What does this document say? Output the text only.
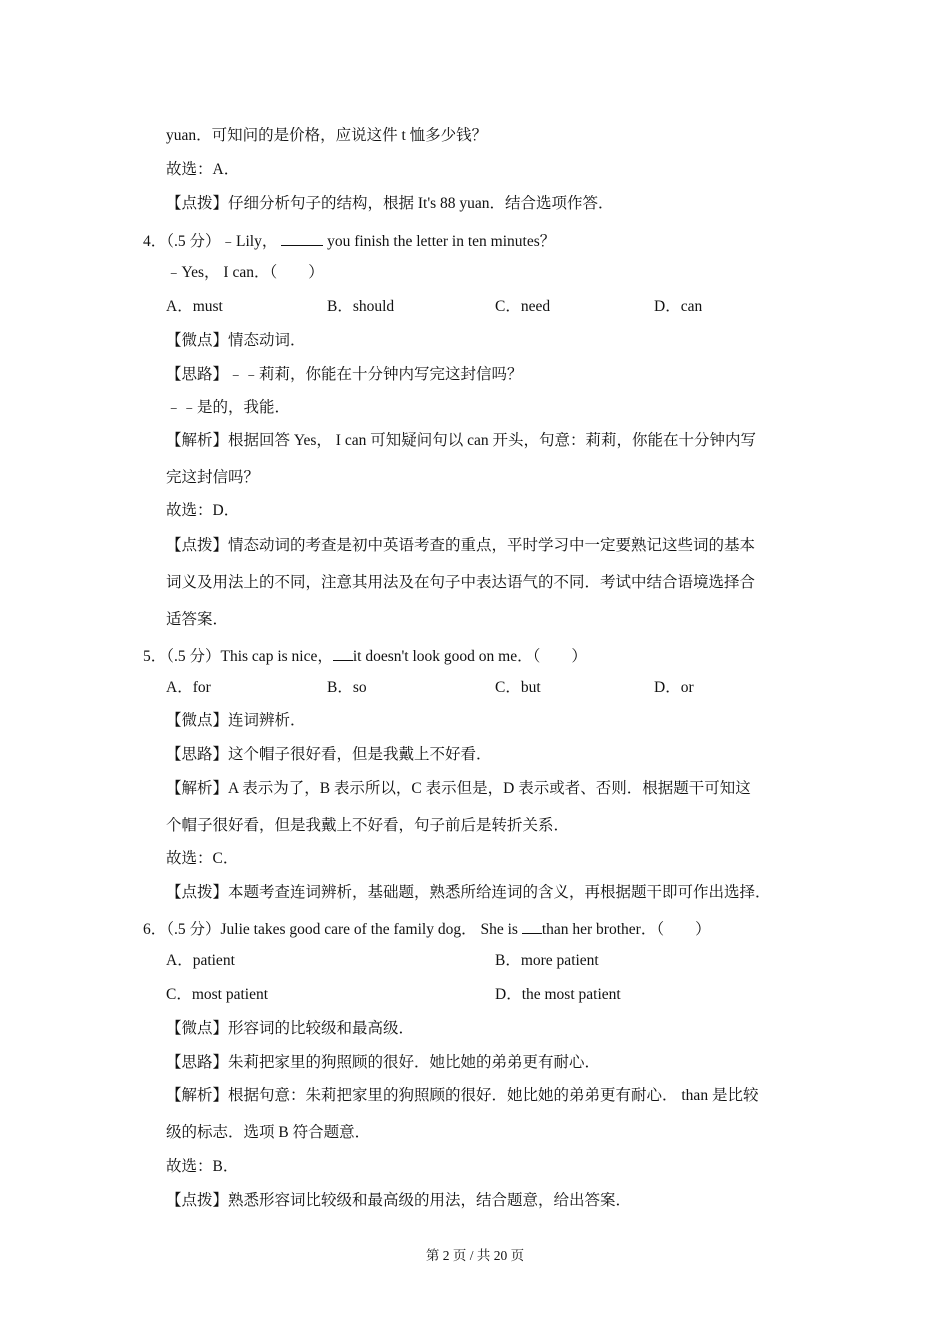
yuan．可知问的是价格，应说这件 t 恤多少钱？
故选：A．
【点拨】仔细分析句子的结构，根据 It's 88 yuan．结合选项作答．
4．（.5 分）﹣Lily，	you finish the letter in ten minutes？
﹣Yes， I can．（　　）
A．must	B．should	C．need	D．can
【微点】情态动词．
【思路】﹣﹣莉莉，你能在十分钟内写完这封信吗？
﹣﹣是的，我能．
【解析】根据回答 Yes， I can 可知疑问句以 can 开头，句意：莉莉，你能在十分钟内写
完这封信吗？
故选：D．
【点拨】情态动词的考查是初中英语考查的重点，平时学习中一定要熟记这些词的基本
词义及用法上的不同，注意其用法及在句子中表达语气的不同．考试中结合语境选择合
适答案．
5．（.5 分）This cap is nice， it doesn't look good on me．（　　）
A．for	B．so	C．but	D．or
【微点】连词辨析．
【思路】这个帽子很好看，但是我戴上不好看．
【解析】A 表示为了，B 表示所以，C 表示但是，D 表示或者、否则．根据题干可知这
个帽子很好看，但是我戴上不好看，句子前后是转折关系．
故选：C．
【点拨】本题考查连词辨析，基础题，熟悉所给连词的含义，再根据题干即可作出选择．
6．（.5 分）Julie takes good care of the family dog． She is than her brother．（　　）
A．patient	B．more patient
C．most patient	D．the most patient
【微点】形容词的比较级和最高级．
【思路】朱莉把家里的狗照顾的很好．她比她的弟弟更有耐心．
【解析】根据句意：朱莉把家里的狗照顾的很好．她比她的弟弟更有耐心． than 是比较
级的标志．选项 B 符合题意．
故选：B．
【点拨】熟悉形容词比较级和最高级的用法，结合题意，给出答案．
第 2 页 / 共 20 页
